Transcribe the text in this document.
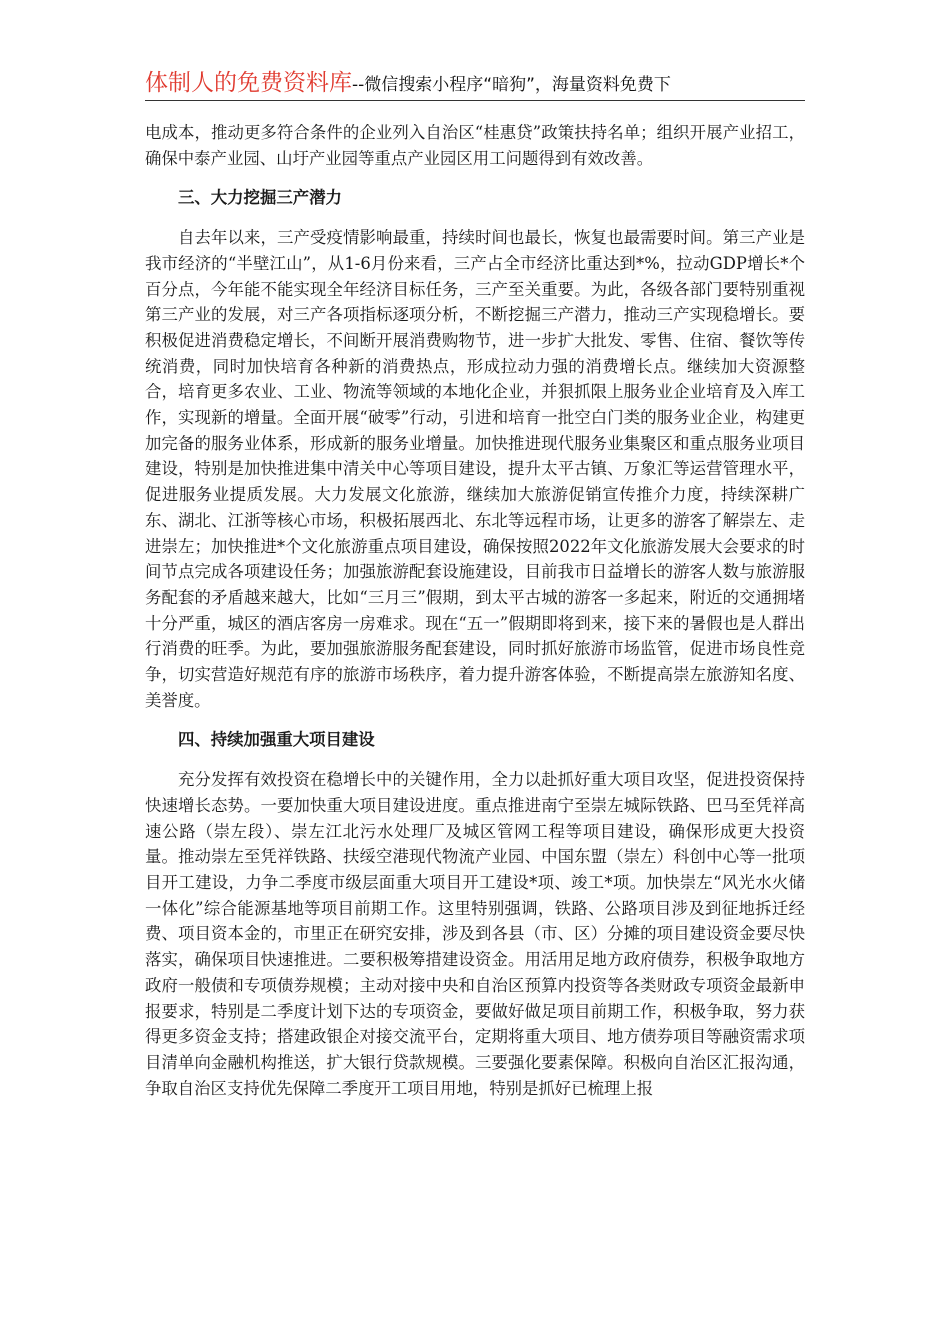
体制人的免费资料库--微信搜索小程序“暗狗”，海量资料免费下

电成本，推动更多符合条件的企业列入自治区“桂惠贷”政策扶持名单；组织开展产业招工，确保中泰产业园、山圩产业园等重点产业园区用工问题得到有效改善。

三、大力挖掘三产潜力

自去年以来，三产受疫情影响最重，持续时间也最长，恢复也最需要时间。第三产业是我市经济的“半壁江山”，从1-6月份来看，三产占全市经济比重达到*%，拉动GDP增长*个百分点，今年能不能实现全年经济目标任务，三产至关重要。为此，各级各部门要特别重视第三产业的发展，对三产各项指标逐项分析，不断挖掘三产潜力，推动三产实现稳增长。要积极促进消费稳定增长，不间断开展消费购物节，进一步扩大批发、零售、住宿、餐饮等传统消费，同时加快培育各种新的消费热点，形成拉动力强的消费增长点。继续加大资源整合，培育更多农业、工业、物流等领域的本地化企业，并狠抓限上服务业企业培育及入库工作，实现新的增量。全面开展“破零”行动，引进和培育一批空白门类的服务业企业，构建更加完备的服务业体系，形成新的服务业增量。加快推进现代服务业集聚区和重点服务业项目建设，特别是加快推进集中清关中心等项目建设，提升太平古镇、万象汇等运营管理水平，促进服务业提质发展。大力发展文化旅游，继续加大旅游促销宣传推介力度，持续深耕广东、湖北、江浙等核心市场，积极拓展西北、东北等远程市场，让更多的游客了解崇左、走进崇左；加快推进*个文化旅游重点项目建设，确保按照2022年文化旅游发展大会要求的时间节点完成各项建设任务；加强旅游配套设施建设，目前我市日益增长的游客人数与旅游服务配套的矛盾越来越大，比如“三月三”假期，到太平古城的游客一多起来，附近的交通拥堵十分严重，城区的酒店客房一房难求。现在“五一”假期即将到来，接下来的暑假也是人群出行消费的旺季。为此，要加强旅游服务配套建设，同时抓好旅游市场监管，促进市场良性竞争，切实营造好规范有序的旅游市场秩序，着力提升游客体验，不断提高崇左旅游知名度、美誉度。

四、持续加强重大项目建设

充分发挥有效投资在稳增长中的关键作用，全力以赴抓好重大项目攻坚，促进投资保持快速增长态势。一要加快重大项目建设进度。重点推进南宁至崇左城际铁路、巴马至凭祥高速公路（崇左段）、崇左江北污水处理厂及城区管网工程等项目建设，确保形成更大投资量。推动崇左至凭祥铁路、扶绥空港现代物流产业园、中国东盟（崇左）科创中心等一批项目开工建设，力争二季度市级层面重大项目开工建设*项、竣工*项。加快崇左“风光水火储一体化”综合能源基地等项目前期工作。这里特别强调，铁路、公路项目涉及到征地拆迁经费、项目资本金的，市里正在研究安排，涉及到各县（市、区）分摊的项目建设资金要尽快落实，确保项目快速推进。二要积极筹措建设资金。用活用足地方政府债券，积极争取地方政府一般债和专项债券规模；主动对接中央和自治区预算内投资等各类财政专项资金最新申报要求，特别是二季度计划下达的专项资金，要做好做足项目前期工作，积极争取，努力获得更多资金支持；搭建政银企对接交流平台，定期将重大项目、地方债券项目等融资需求项目清单向金融机构推送，扩大银行贷款规模。三要强化要素保障。积极向自治区汇报沟通，争取自治区支持优先保障二季度开工项目用地，特别是抓好已梳理上报
